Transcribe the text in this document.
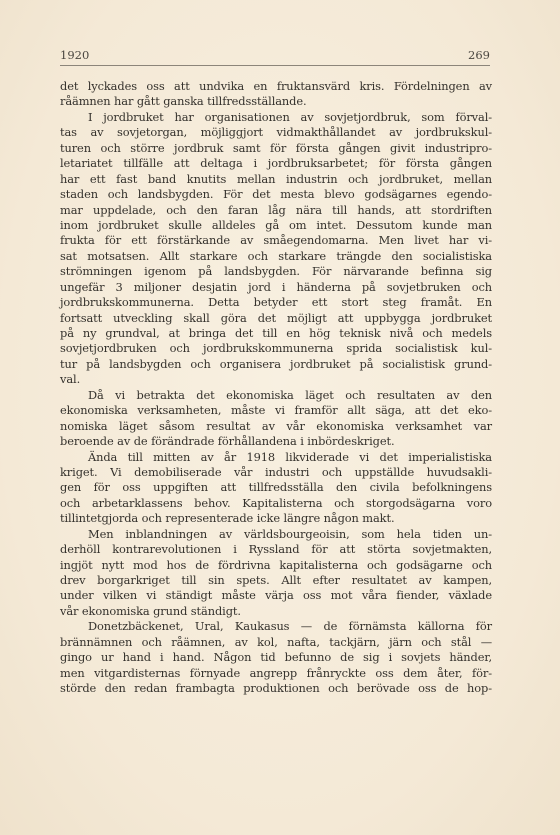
1920	269
det lyckades oss att undvika en fruktansvärd kris. Fördelningen av
råämnen har gått ganska tillfredsställande.
I jordbruket har organisationen av sovjetjordbruk, som förval-
tas av sovjetorgan, möjliggjort vidmakthållandet av jordbrukskul-
turen och större jordbruk samt för första gången givit industripro-
letariatet tillfälle att deltaga i jordbruksarbetet; för första gången
har ett fast band knutits mellan industrin och jordbruket, mellan
staden och landsbygden. För det mesta blevo godsägarnes egendo-
mar uppdelade, och den faran låg nära till hands, att stordriften
inom jordbruket skulle alldeles gå om intet. Dessutom kunde man
frukta för ett förstärkande av småegendomarna. Men livet har vi-
sat motsatsen. Allt starkare och starkare trängde den socialistiska
strömningen igenom på landsbygden. För närvarande befinna sig
ungefär 3 miljoner desjatin jord i händerna på sovjetbruken och
jordbrukskommunerna. Detta betyder ett stort steg framåt. En
fortsatt utveckling skall göra det möjligt att uppbygga jordbruket
på ny grundval, at bringa det till en hög teknisk nivå och medels
sovjetjordbruken och jordbrukskommunerna sprida socialistisk kul-
tur på landsbygden och organisera jordbruket på socialistisk grund-
val.
Då vi betrakta det ekonomiska läget och resultaten av den
ekonomiska verksamheten, måste vi framför allt säga, att det eko-
nomiska läget såsom resultat av vår ekonomiska verksamhet var
beroende av de förändrade förhållandena i inbördeskriget.
Ända till mitten av år 1918 likviderade vi det imperialistiska
kriget. Vi demobiliserade vår industri och uppställde huvudsakli-
gen för oss uppgiften att tillfredsställa den civila befolkningens
och arbetarklassens behov. Kapitalisterna och storgodsägarna voro
tillintetgjorda och representerade icke längre någon makt.
Men inblandningen av världsbourgeoisin, som hela tiden un-
derhöll kontrarevolutionen i Ryssland för att störta sovjetmakten,
ingjöt nytt mod hos de fördrivna kapitalisterna och godsägarne och
drev borgarkriget till sin spets. Allt efter resultatet av kampen,
under vilken vi ständigt måste värja oss mot våra fiender, växlade
vår ekonomiska grund ständigt.
Donetzbäckenet, Ural, Kaukasus — de förnämsta källorna för
brännämnen och råämnen, av kol, nafta, tackjärn, järn och stål —
gingo ur hand i hand. Någon tid befunno de sig i sovjets händer,
men vitgardisternas förnyade angrepp frånryckte oss dem åter, för-
störde den redan frambagta produktionen och berövade oss de hop-
